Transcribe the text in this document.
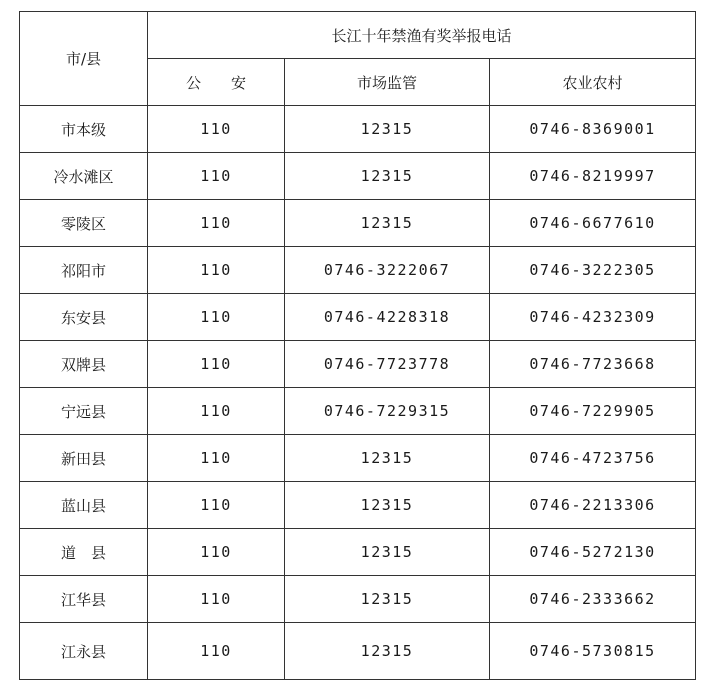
市/县	长江十年禁渔有奖举报电话		
	公　　安	市场监管	农业农村
市本级	110	12315	0746-8369001
冷水滩区	110	12315	0746-8219997
零陵区	110	12315	0746-6677610
祁阳市	110	0746-3222067	0746-3222305
东安县	110	0746-4228318	0746-4232309
双牌县	110	0746-7723778	0746-7723668
宁远县	110	0746-7229315	0746-7229905
新田县	110	12315	0746-4723756
蓝山县	110	12315	0746-2213306
道　县	110	12315	0746-5272130
江华县	110	12315	0746-2333662
江永县	110	12315	0746-5730815
